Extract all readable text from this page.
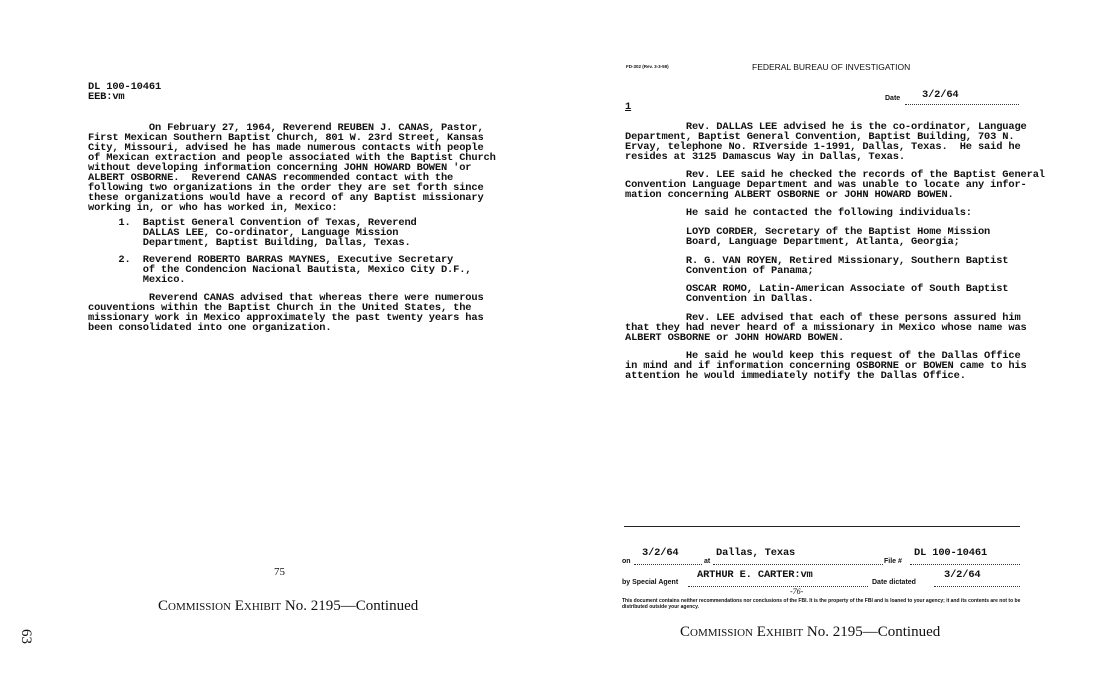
DL 100-10461
EEB:vm
On February 27, 1964, Reverend REUBEN J. CANAS, Pastor,
First Mexican Southern Baptist Church, 801 W. 23rd Street, Kansas
City, Missouri, advised he has made numerous contacts with people
of Mexican extraction and people associated with the Baptist Church
without developing information concerning JOHN HOWARD BOWEN 'or
ALBERT OSBORNE.  Reverend CANAS recommended contact with the
following two organizations in the order they are set forth since
these organizations would have a record of any Baptist missionary
working in, or who has worked in, Mexico:
1.  Baptist General Convention of Texas, Reverend
DALLAS LEE, Co-ordinator, Language Mission
Department, Baptist Building, Dallas, Texas.
2.  Reverend ROBERTO BARRAS MAYNES, Executive Secretary
of the Condencion Nacional Bautista, Mexico City D.F.,
Mexico.
Reverend CANAS advised that whereas there were numerous
couventions within the Baptist Church in the United States, the
missionary work in Mexico approximately the past twenty years has
been consolidated into one organization.
75
Commission Exhibit No. 2195—Continued
63
FD-302 (Rev. 3-3-59)	FEDERAL BUREAU OF INVESTIGATION
Date 3/2/64
1
Rev. DALLAS LEE advised he is the co-ordinator, Language
Department, Baptist General Convention, Baptist Building, 703 N.
Ervay, telephone No. RIverside 1-1991, Dallas, Texas.  He said he
resides at 3125 Damascus Way in Dallas, Texas.
Rev. LEE said he checked the records of the Baptist General
Convention Language Department and was unable to locate any infor-
mation concerning ALBERT OSBORNE or JOHN HOWARD BOWEN.
He said he contacted the following individuals:
LOYD CORDER, Secretary of the Baptist Home Mission
Board, Language Department, Atlanta, Georgia;
R. G. VAN ROYEN, Retired Missionary, Southern Baptist
Convention of Panama;
OSCAR ROMO, Latin-American Associate of South Baptist
Convention in Dallas.
Rev. LEE advised that each of these persons assured him
that they had never heard of a missionary in Mexico whose name was
ALBERT OSBORNE or JOHN HOWARD BOWEN.
He said he would keep this request of the Dallas Office
in mind and if information concerning OSBORNE or BOWEN came to his
attention he would immediately notify the Dallas Office.
on
3/2/64
at
Dallas, Texas
File #
DL 100-10461
by Special Agent
ARTHUR E. CARTER:vm
Date dictated
3/2/64
-76-
This document contains neither recommendations nor conclusions of the FBI. It is the property of the FBI and is loaned to your agency; it and its contents are not to be distributed outside your agency.
Commission Exhibit No. 2195—Continued
